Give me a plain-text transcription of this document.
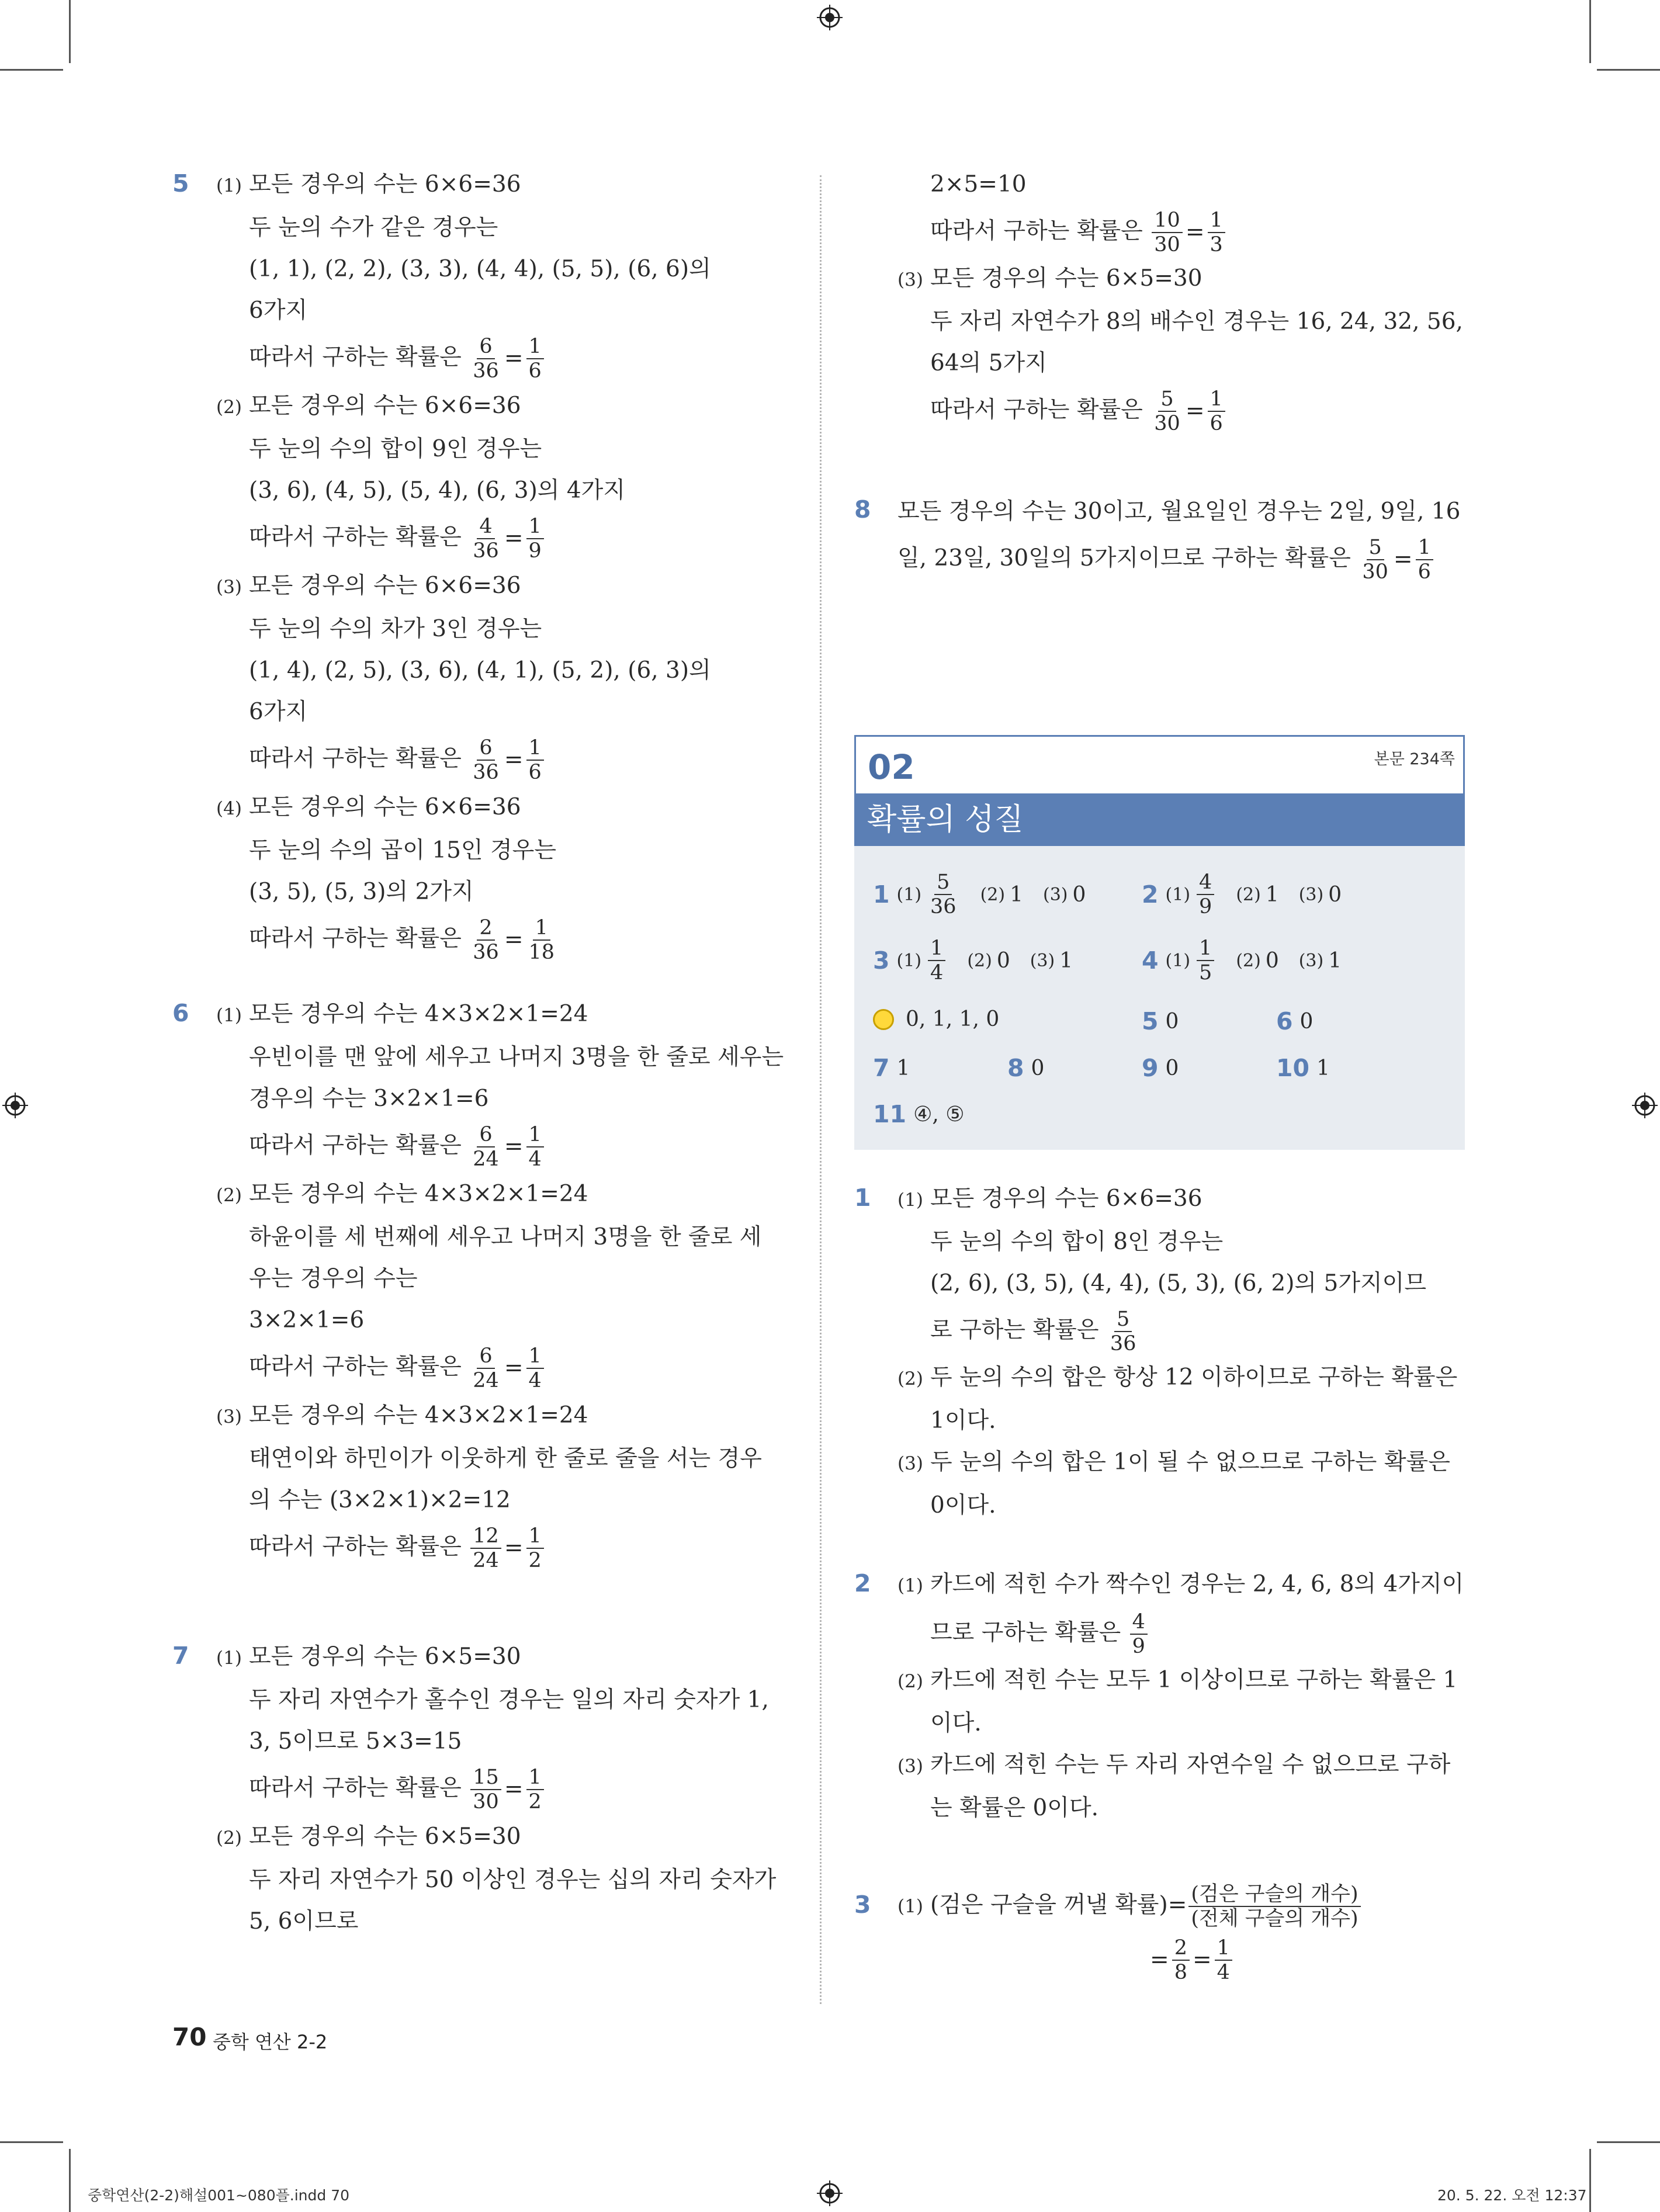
5 (1) 모든 경우의 수는 6×6=36
두 눈의 수가 같은 경우는
(1, 1), (2, 2), (3, 3), (4, 4), (5, 5), (6, 6)의
6가지
따라서 구하는 확률은 $\frac{6}{36} = \frac{1}{6}$
(2) 모든 경우의 수는 6×6=36
두 눈의 수의 합이 9인 경우는
(3, 6), (4, 5), (5, 4), (6, 3)의 4가지
따라서 구하는 확률은 $\frac{4}{36} = \frac{1}{9}$
(3) 모든 경우의 수는 6×6=36
두 눈의 수의 차가 3인 경우는
(1, 4), (2, 5), (3, 6), (4, 1), (5, 2), (6, 3)의
6가지
따라서 구하는 확률은 $\frac{6}{36} = \frac{1}{6}$
(4) 모든 경우의 수는 6×6=36
두 눈의 수의 곱이 15인 경우는
(3, 5), (5, 3)의 2가지
따라서 구하는 확률은 $\frac{2}{36} = \frac{1}{18}$
6 (1) 모든 경우의 수는 4×3×2×1=24
우빈이를 맨 앞에 세우고 나머지 3명을 한 줄로 세우는
경우의 수는 3×2×1=6
따라서 구하는 확률은 $\frac{6}{24} = \frac{1}{4}$
(2) 모든 경우의 수는 4×3×2×1=24
하윤이를 세 번째에 세우고 나머지 3명을 한 줄로 세
우는 경우의 수는
3×2×1=6
따라서 구하는 확률은 $\frac{6}{24} = \frac{1}{4}$
(3) 모든 경우의 수는 4×3×2×1=24
태연이와 하민이가 이웃하게 한 줄로 줄을 서는 경우
의 수는 (3×2×1)×2=12
따라서 구하는 확률은 $\frac{12}{24} = \frac{1}{2}$
7 (1) 모든 경우의 수는 6×5=30
두 자리 자연수가 홀수인 경우는 일의 자리 숫자가 1,
3, 5이므로 5×3=15
따라서 구하는 확률은 $\frac{15}{30} = \frac{1}{2}$
(2) 모든 경우의 수는 6×5=30
두 자리 자연수가 50 이상인 경우는 십의 자리 숫자가
5, 6이므로
2×5=10
따라서 구하는 확률은 $\frac{10}{30} = \frac{1}{3}$
(3) 모든 경우의 수는 6×5=30
두 자리 자연수가 8의 배수인 경우는 16, 24, 32, 56,
64의 5가지
따라서 구하는 확률은 $\frac{5}{30} = \frac{1}{6}$
8 모든 경우의 수는 30이고, 월요일인 경우는 2일, 9일, 16
일, 23일, 30일의 5가지이므로 구하는 확률은 $\frac{5}{30} = \frac{1}{6}$
02	본문 234쪽
확률의 성질
1 $(1) \frac{5}{36} (2)$ 1 (3) 0 2 $(1) \frac{4}{9} (2)$ 1 (3) 0
3 $(1) \frac{1}{4} (2)$ 0 (3) 1	4 $(1) \frac{1}{5} (2)$ 0 (3) 1
0, 1, 1, 0	5 0	6 0
7 1	8 0	9 0	10 1
11 ④, ⑤
1 (1) 모든 경우의 수는 6×6=36
두 눈의 수의 합이 8인 경우는
(2, 6), (3, 5), (4, 4), (5, 3), (6, 2)의 5가지이므
로 구하는 확률은 $\frac{5}{36}$
(2) 두 눈의 수의 합은 항상 12 이하이므로 구하는 확률은
1이다.
(3) 두 눈의 수의 합은 1이 될 수 없으므로 구하는 확률은
0이다.
2 (1) 카드에 적힌 수가 짝수인 경우는 2, 4, 6, 8의 4가지이
므로 구하는 확률은 $\frac{4}{9}$
(2) 카드에 적힌 수는 모두 1 이상이므로 구하는 확률은 1
이다.
(3) 카드에 적힌 수는 두 자리 자연수일 수 없으므로 구하
는 확률은 0이다.
3 (1) (검은 구슬을 꺼낼 확률)= $\frac{\text{(검은 구슬의 개수)}}{\text{(전체 구슬의 개수)}}$
= $\frac{2}{8} = \frac{1}{4}$
70 중학 연산 2-2
중학연산(2-2)해설001~080플.indd 70	20. 5. 22. 오전 12:37
